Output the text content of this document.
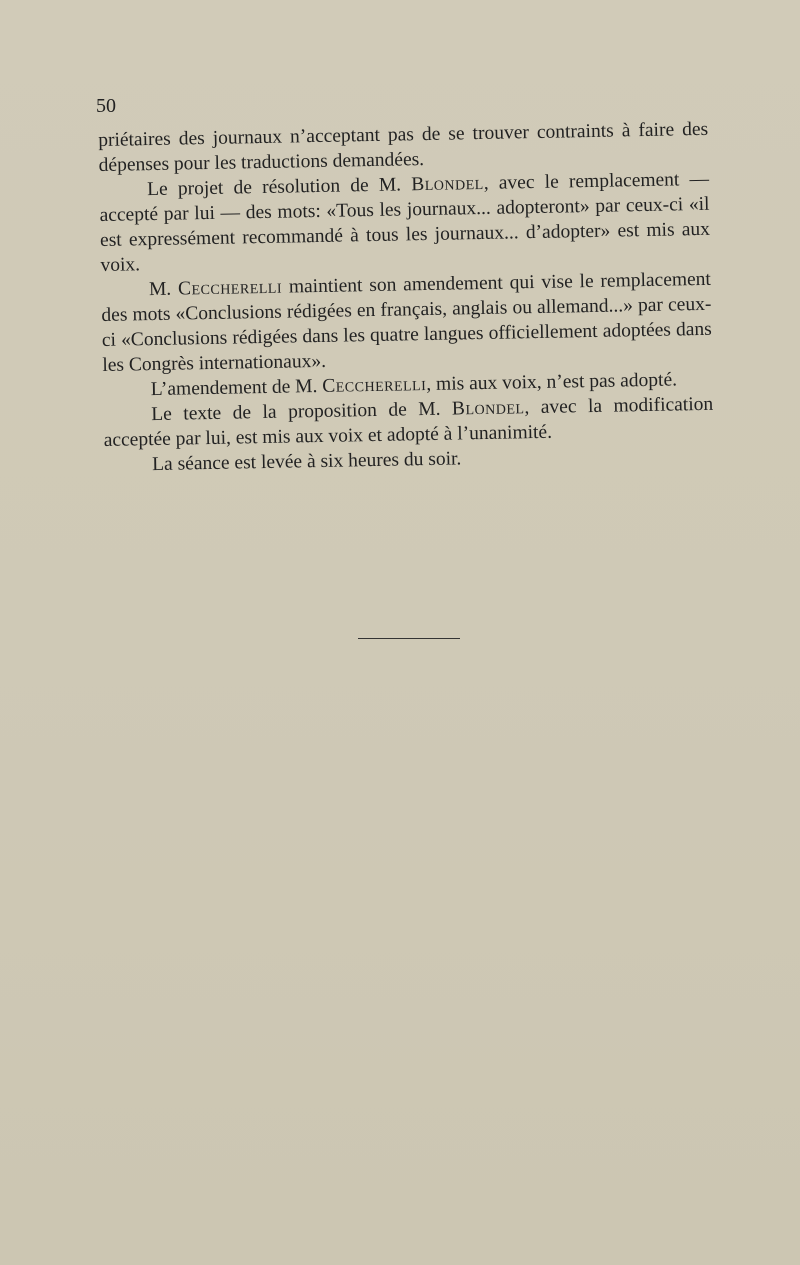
50

priétaires des journaux n’acceptant pas de se trouver contraints à faire des dépenses pour les traductions demandées.

Le projet de résolution de M. Blondel, avec le remplacement — accepté par lui — des mots: «Tous les journaux... adopteront» par ceux-ci «il est expressément recommandé à tous les journaux... d’adopter» est mis aux voix.

M. Ceccherelli maintient son amendement qui vise le remplacement des mots «Conclusions rédigées en français, anglais ou allemand...» par ceux-ci «Conclusions rédigées dans les quatre langues officiellement adoptées dans les Congrès internationaux».

L’amendement de M. Ceccherelli, mis aux voix, n’est pas adopté.

Le texte de la proposition de M. Blondel, avec la modification acceptée par lui, est mis aux voix et adopté à l’unanimité.

La séance est levée à six heures du soir.
